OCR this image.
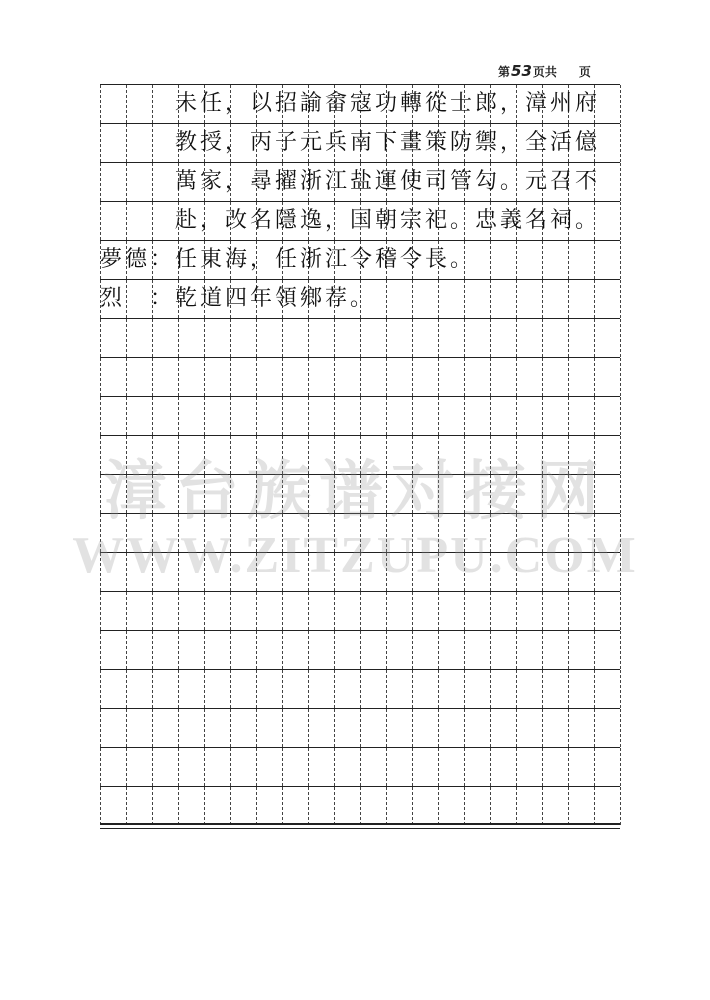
第53页共 页
　　　未任，以招諭畲寇功轉從士郎，漳州府
　　　教授，丙子元兵南下畫策防禦，全活億
　　　萬家，尋擢浙江盐運使司管勾。元召不
　　　赴，改名隱逸，国朝宗祀。忠義名祠。
夢德：任東海，任浙江令稽令長。
烈　：乾道四年領鄉荐。
漳台族谱对接网
WWW.ZITZUPU.COM
